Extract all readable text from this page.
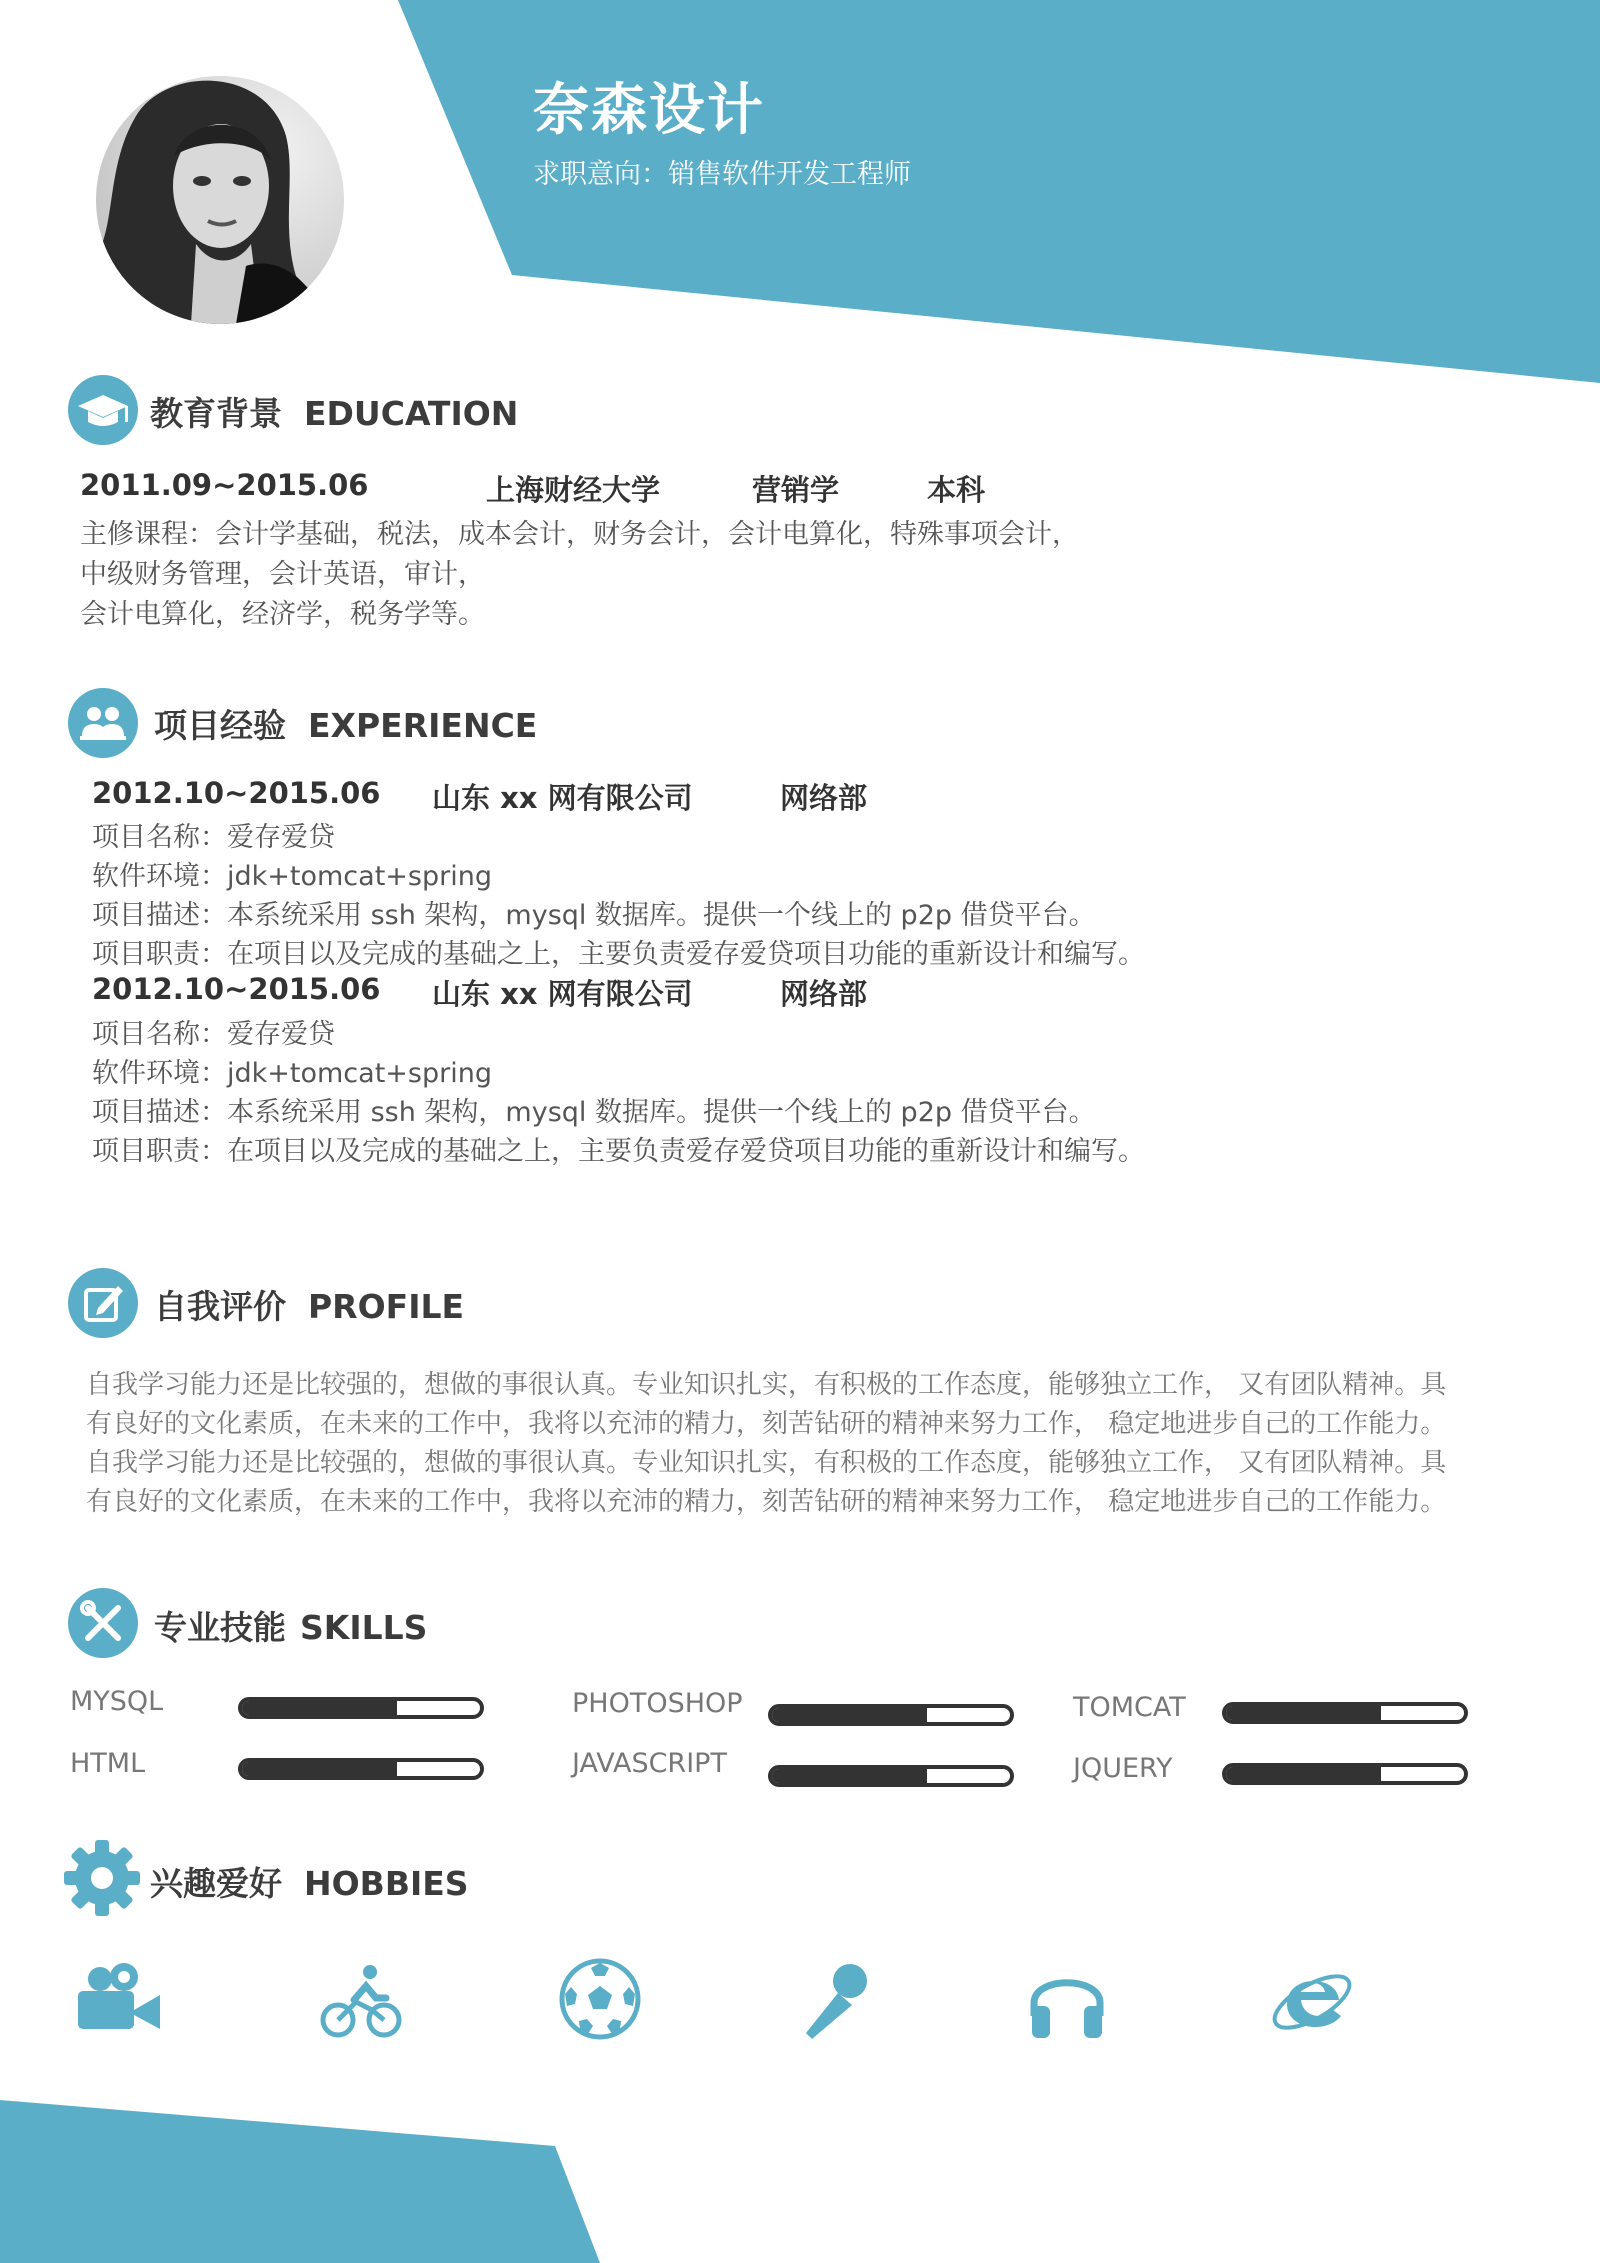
奈森设计
求职意向：销售软件开发工程师
教育背景 EDUCATION
2011.09~2015.06	上海财经大学	营销学	本科
主修课程：会计学基础，税法，成本会计，财务会计，会计电算化，特殊事项会计，
中级财务管理，会计英语，审计，
会计电算化，经济学，税务学等。
项目经验 EXPERIENCE
2012.10~2015.06 山东 xx 网有限公司	网络部
项目名称：爱存爱贷
软件环境：jdk+tomcat+spring
项目描述：本系统采用 ssh 架构，mysql 数据库。提供一个线上的 p2p 借贷平台。
项目职责：在项目以及完成的基础之上，主要负责爱存爱贷项目功能的重新设计和编写。
2012.10~2015.06 山东 xx 网有限公司	网络部
项目名称：爱存爱贷
软件环境：jdk+tomcat+spring
项目描述：本系统采用 ssh 架构，mysql 数据库。提供一个线上的 p2p 借贷平台。
项目职责：在项目以及完成的基础之上，主要负责爱存爱贷项目功能的重新设计和编写。
自我评价 PROFILE
自我学习能力还是比较强的，想做的事很认真。专业知识扎实，有积极的工作态度，能够独立工作， 又有团队精神。具
有良好的文化素质，在未来的工作中，我将以充沛的精力，刻苦钻研的精神来努力工作， 稳定地进步自己的工作能力。
自我学习能力还是比较强的，想做的事很认真。专业知识扎实，有积极的工作态度，能够独立工作， 又有团队精神。具
有良好的文化素质，在未来的工作中，我将以充沛的精力，刻苦钻研的精神来努力工作， 稳定地进步自己的工作能力。
专业技能 SKILLS
MYSQL	PHOTOSHOP	TOMCAT
HTML	JAVASCRIPT	JQUERY
兴趣爱好 HOBBIES
